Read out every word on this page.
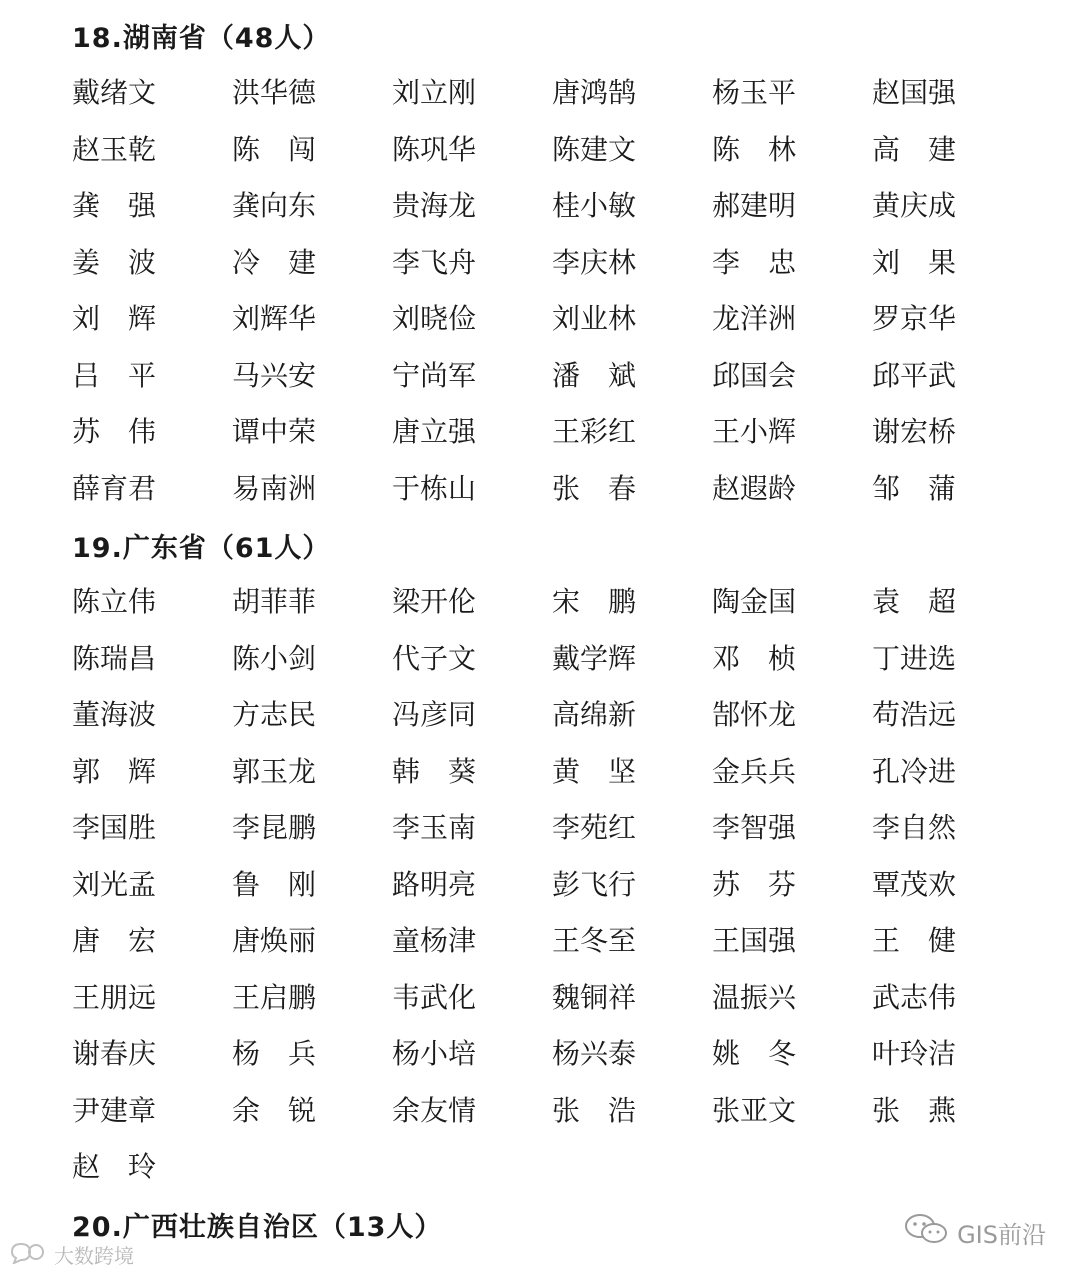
18.湖南省（48人）
戴 绪 文	洪 华 德	刘 立 刚	唐 鸿 鹄	杨 玉 平	赵 国 强
赵 玉 乾	陈 闯	陈 巩 华	陈 建 文	陈 林	高 建
龚 强	龚 向 东	贵 海 龙	桂 小 敏	郝 建 明	黄 庆 成
姜 波	冷 建	李 飞 舟	李 庆 林	李 忠	刘 果
刘 辉	刘 辉 华	刘 晓 俭	刘 业 林	龙 洋 洲	罗 京 华
吕 平	马 兴 安	宁 尚 军	潘 斌	邱 国 会	邱 平 武
苏 伟	谭 中 荣	唐 立 强	王 彩 红	王 小 辉	谢 宏 桥
薛 育 君	易 南 洲	于 栋 山	张 春	赵 遐 龄	邹 蒲
19.广东省（61人）
陈 立 伟	胡 菲 菲	梁 开 伦	宋 鹏	陶 金 国	袁 超
陈 瑞 昌	陈 小 剑	代 子 文	戴 学 辉	邓 桢	丁 进 选
董 海 波	方 志 民	冯 彦 同	高 绵 新	郜 怀 龙	苟 浩 远
郭 辉	郭 玉 龙	韩 葵	黄 坚	金 兵 兵	孔 冷 进
李 国 胜	李 昆 鹏	李 玉 南	李 苑 红	李 智 强	李 自 然
刘 光 孟	鲁 刚	路 明 亮	彭 飞 行	苏 芬	覃 茂 欢
唐 宏	唐 焕 丽	童 杨 津	王 冬 至	王 国 强	王 健
王 朋 远	王 启 鹏	韦 武 化	魏 铜 祥	温 振 兴	武 志 伟
谢 春 庆	杨 兵	杨 小 培	杨 兴 泰	姚 冬	叶 玲 洁
尹 建 章	余 锐	余 友 情	张 浩	张 亚 文	张 燕
赵 玲
20.广西壮族自治区（13人）
大数跨境
GIS前沿
